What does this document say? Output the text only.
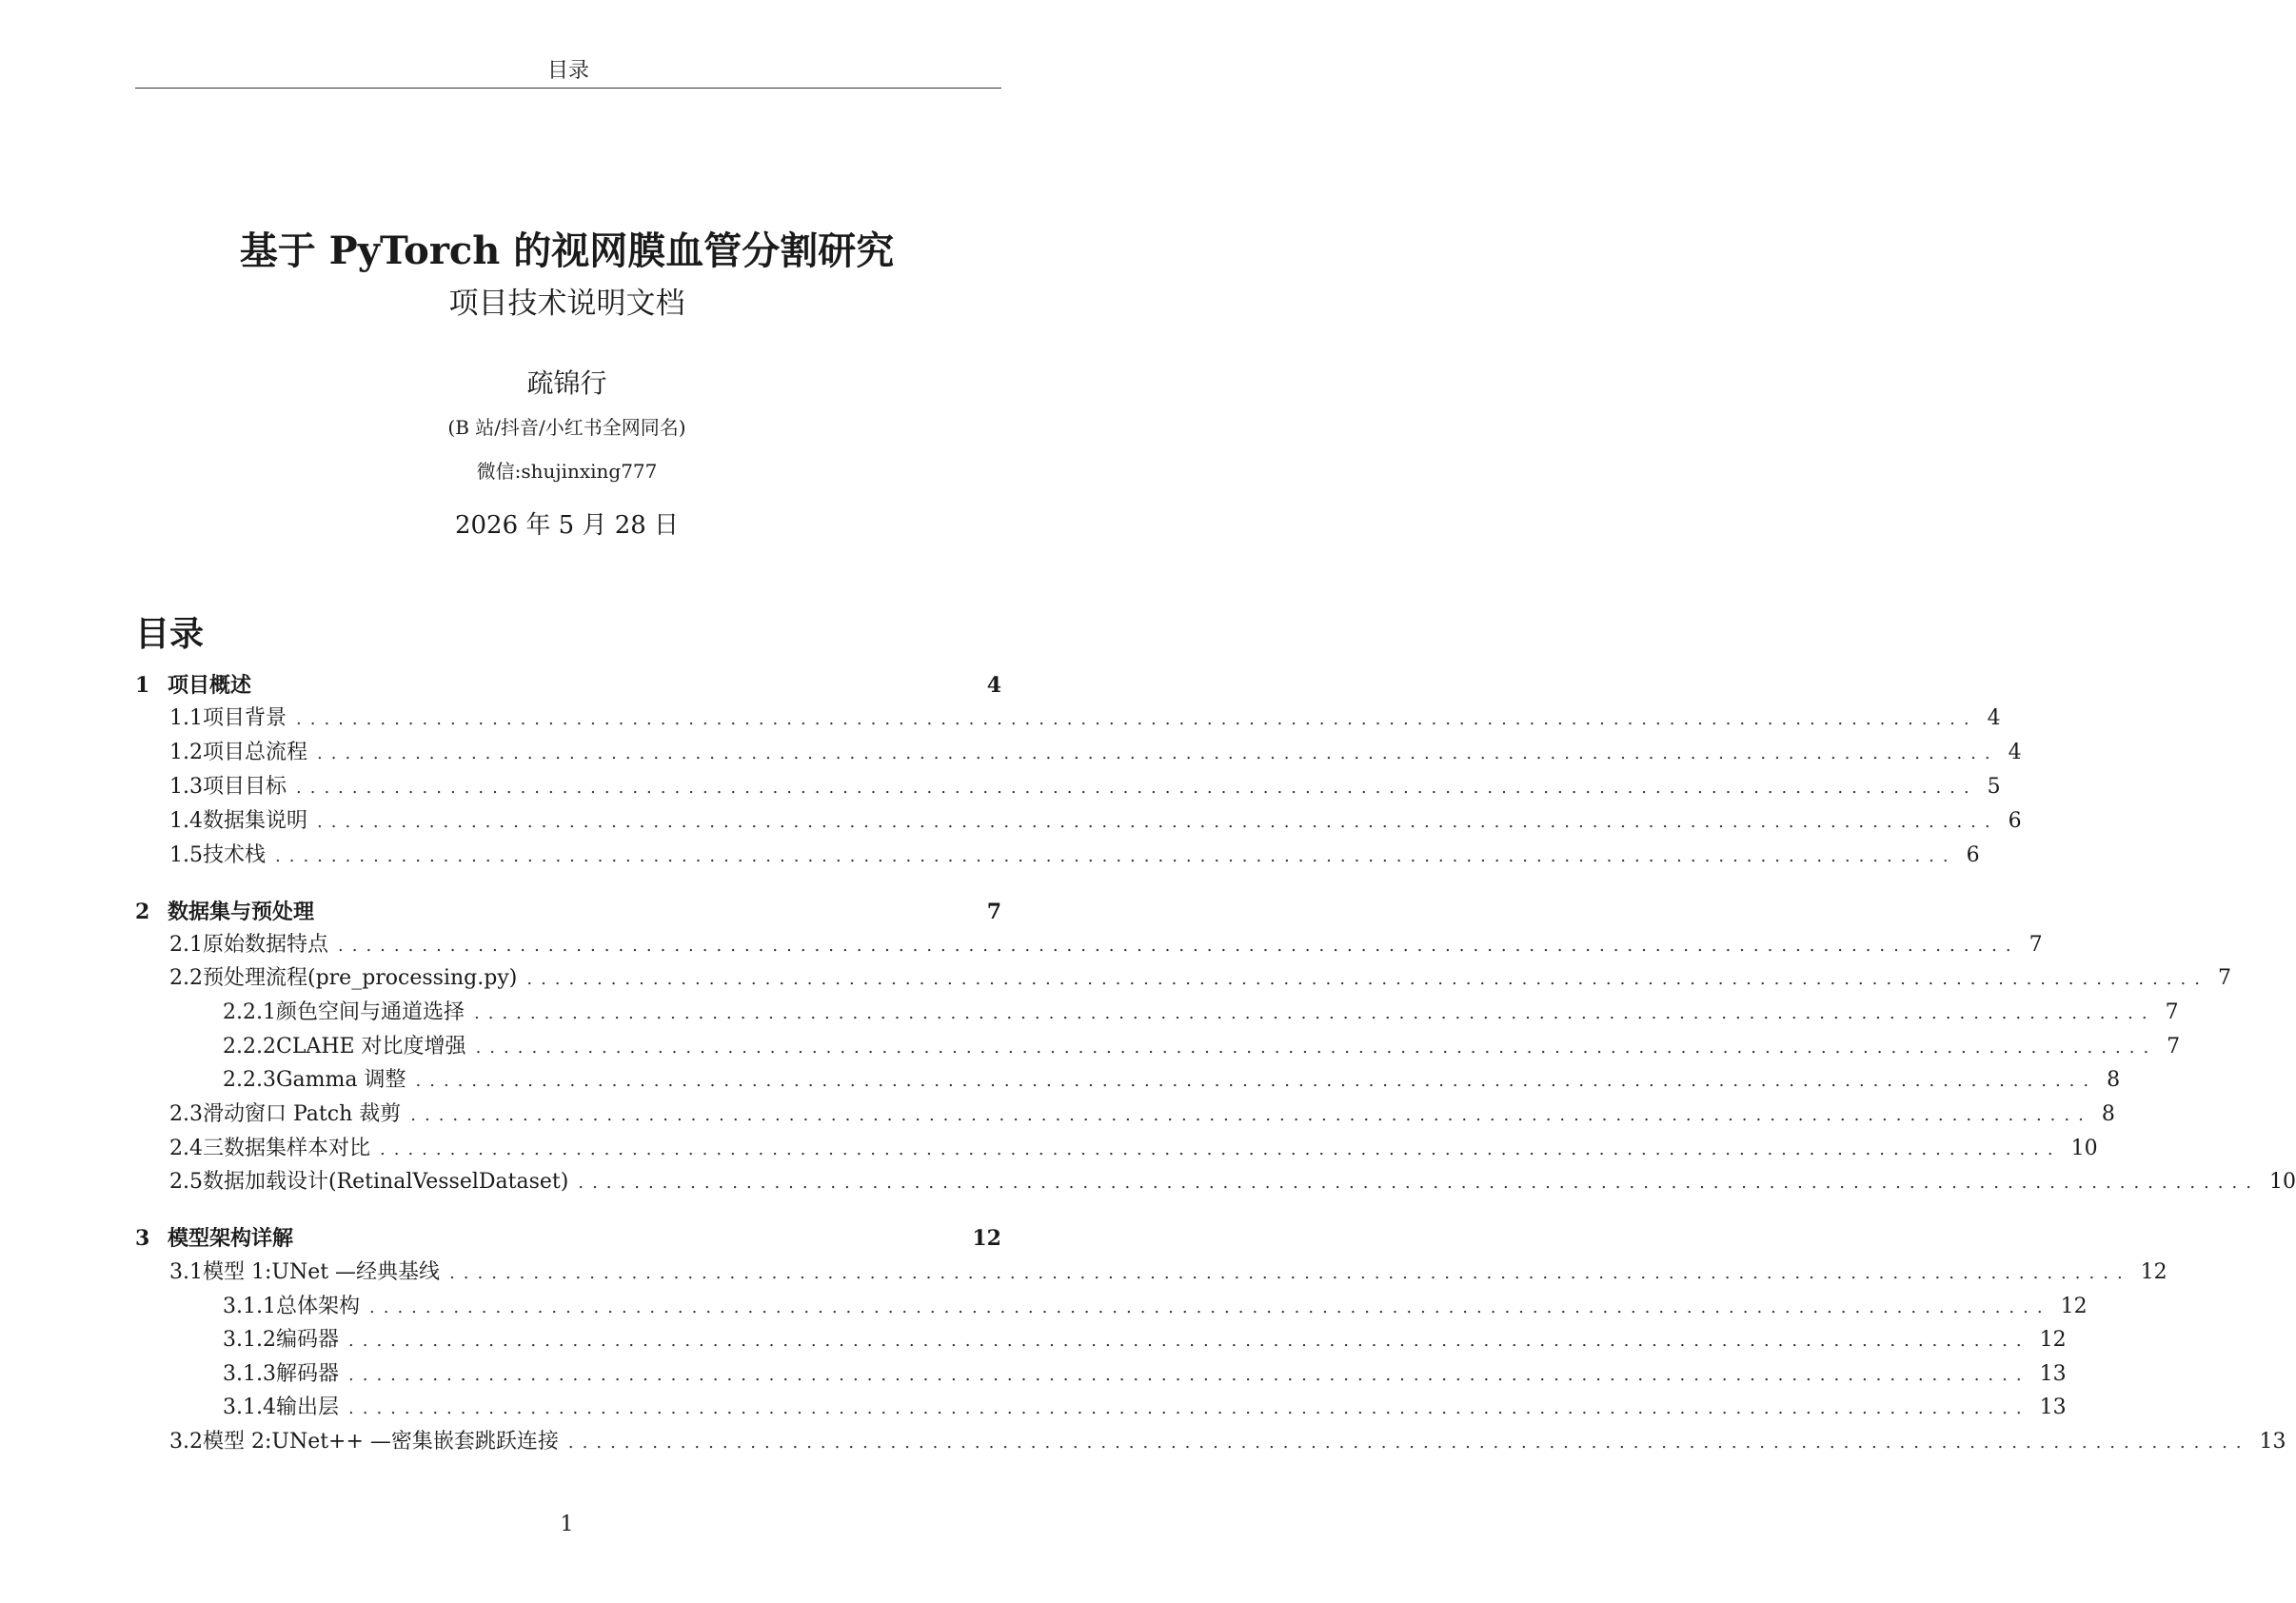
目录
基于 PyTorch 的视网膜血管分割研究
项目技术说明文档
疏锦行
(B 站/抖音/小红书全网同名)
微信:shujinxing777
2026 年 5 月 28 日
目录
1 项目概述	4
1.1 项目背景 ........................................................................................................................ 4
1.2 项目总流程 ........................................................................................................................ 4
1.3 项目目标 ........................................................................................................................ 5
1.4 数据集说明 ........................................................................................................................ 6
1.5 技术栈 ........................................................................................................................ 6
2 数据集与预处理	7
2.1 原始数据特点 ........................................................................................................................ 7
2.2 预处理流程(pre_processing.py) ........................................................................................................................ 7
2.2.1 颜色空间与通道选择 ........................................................................................................................ 7
2.2.2 CLAHE 对比度增强 ........................................................................................................................ 7
2.2.3 Gamma 调整 ........................................................................................................................ 8
2.3 滑动窗口 Patch 裁剪 ........................................................................................................................ 8
2.4 三数据集样本对比 ........................................................................................................................ 10
2.5 数据加载设计(RetinalVesselDataset) ........................................................................................................................ 10
3 模型架构详解	12
3.1 模型 1:UNet —经典基线 ........................................................................................................................ 12
3.1.1 总体架构 ........................................................................................................................ 12
3.1.2 编码器 ........................................................................................................................ 12
3.1.3 解码器 ........................................................................................................................ 13
3.1.4 输出层 ........................................................................................................................ 13
3.2 模型 2:UNet++ —密集嵌套跳跃连接 ........................................................................................................................ 13
1
